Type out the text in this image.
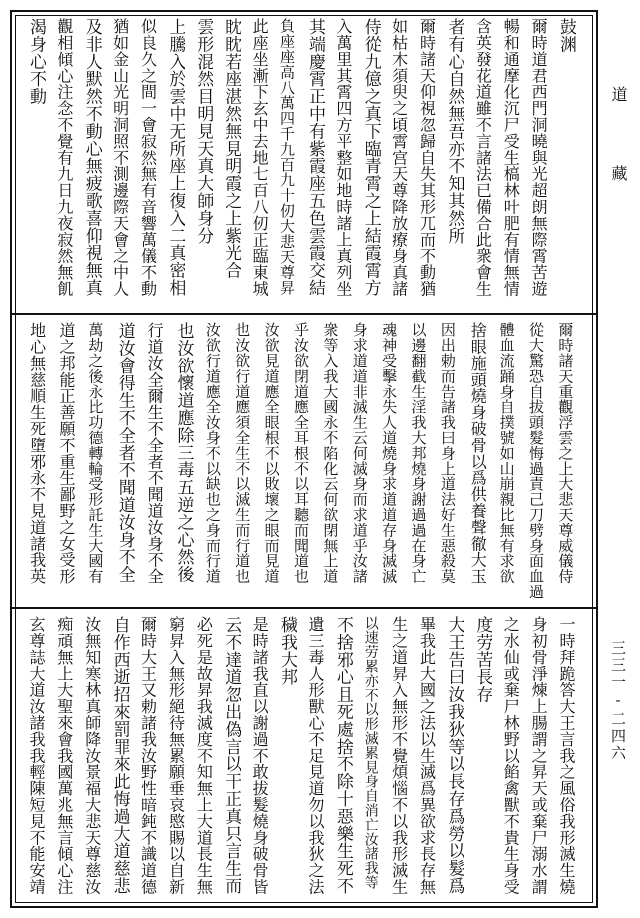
道 藏
三三一-二四六
鼓渊
爾時道君西門洞曉與光超朗無際霄苦遊
暢和通摩化沉尸受生槁林叶肥有情無情
含英發花道雖不言諸法已備合此衆會生
者有心自然無吾亦不知其然所
爾時諸天仰視忽歸自失其形兀而不動猶
如枯木須臾之頃霄宫天尊降放療身真諸
侍從九億之真下臨青霄之上結霞霄方
入萬里其霄四方平整如地時諸上真列坐
其端慶霄正中有紫霞座五色雲霞交結
負座座高八萬四千九百九十仞大悲天尊昇
此座坐漸下玄中去地七百八仞正臨東城
眈眈若座湛然無見明霞之上紫光合
雲形混然目明見天真大師身分
上騰入於雲中无所座上復入二真密相
似良久之間一會寂然無有音響萬儀不動
猶如金山光明洞照不測邊際天會之中人
及非人默然不動心無疲歌喜仰視無真
觀相傾心注念不覺有九日九夜寂然無飢
渴身心不動
爾時諸天重觀浮雲之上大悲天尊威儀侍
從大驚恐自拔頭髮悔過責己刀劈身面血過
體血流踊身自撲號如山崩親比無有求欲
捨眼施頭燒身破骨以爲供養聲徹大玉
因出勅而告諸我曰身上道法好生惡殺莫
以邊翻截生淫我大邦燒身謝過過在身亡
魂神受擊永失人道燒身求道道存身滅滅
身求道道非滅生云何滅身而求道乎汝諸
衆等入我大國永不陷化云何欲閉無上道
乎汝欲閉道應全耳根不以耳聽而聞道也
汝欲見道應全眼根不以敗壞之眼而見道
也汝欲行道應須全生不以滅生而行道也
汝欲行道應全汝身不以缺也之身而行道
也汝欲懷道應除三毒五逆之心然後
行道汝全爾生不全者不聞道汝身不全
道汝會得生不全者不聞道汝身不全
萬劫之後永比功德轉輪受形託生大國有
道之邦能正善願不重生鄙野之女受形
地心無慈順生死墮邪永不見道諸我英
一時拜跪答大王言我之風俗我形滅生燒
身初骨淨煉上腸謂之昇天或棄尸溺水謂
之水仙或棄尸林野以餡禽獸不貴生身受
度劳苦長存
大王告曰汝我狄等以長存爲勞以髮爲
畢我此大國之法以生滅爲異欲求長存無
生之道昇入無形不覺煩惱不以我形滅生
以速劳累亦不以形滅累見身自消亡汝諸我等
不捨邪心且死處捨不除十惡樂生死不
遺三毒人形獸心不足見道勿以我狄之法
穢我大邦
是時諸我直以謝過不敢拔髮燒身破骨皆
云不達道忽出偽言以干正真只言生而
必死是故昇我滅度不知無上大道長生無
窮昇入無形絕待無累願垂哀愍賜以自新
爾時大王又勅諸我汝野性暗鈍不識道德
自作西逝招來罰罪來此悔過大道慈悲
汝無知寒林真師降汝景福大悲天尊慈汝
痴頑無上大聖來會我國萬兆無言傾心注
玄尊誌大道汝諸我我輕陳短見不能安靖
